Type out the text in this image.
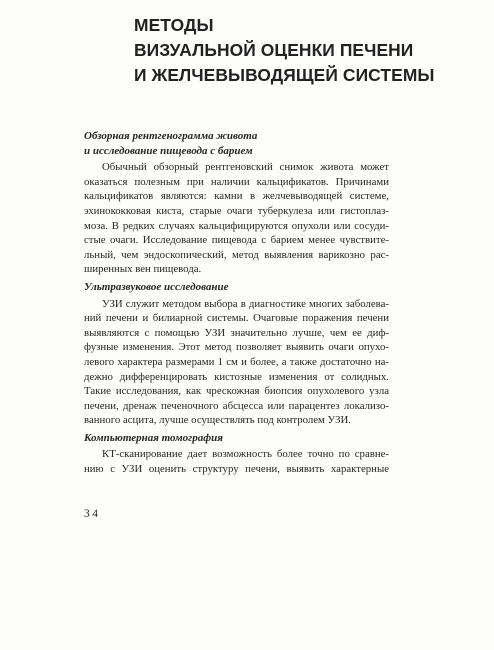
МЕТОДЫ
ВИЗУАЛЬНОЙ ОЦЕНКИ ПЕЧЕНИ
И ЖЕЛЧЕВЫВОДЯЩЕЙ СИСТЕМЫ
Обзорная рентгенограмма живота
и исследование пищевода с барием
Обычный обзорный рентгеновский снимок живота может
оказаться полезным при наличии кальцификатов. Причинами
кальцификатов являются: камни в желчевыводящей системе,
эхинококковая киста, старые очаги туберкулеза или гистоплаз-
моза. В редких случаях кальцифицируются опухоли или сосуди-
стые очаги. Исследование пищевода с барием менее чувствите-
льный, чем эндоскопический, метод выявления варикозно рас-
ширенных вен пищевода.
Ультразвуковое исследование
УЗИ служит методом выбора в диагностике многих заболева-
ний печени и билиарной системы. Очаговые поражения печени
выявляются с помощью УЗИ значительно лучше, чем ее диф-
фузные изменения. Этот метод позволяет выявить очаги опухо-
левого характера размерами 1 см и более, а также достаточно на-
дежно дифференцировать кистозные изменения от солидных.
Такие исследования, как чрескожная биопсия опухолевого узла
печени, дренаж печеночного абсцесса или парацентез локализо-
ванного асцита, лучше осуществлять под контролем УЗИ.
Компьютерная томография
КТ-сканирование дает возможность более точно по сравне-
нию с УЗИ оценить структуру печени, выявить характерные
34
